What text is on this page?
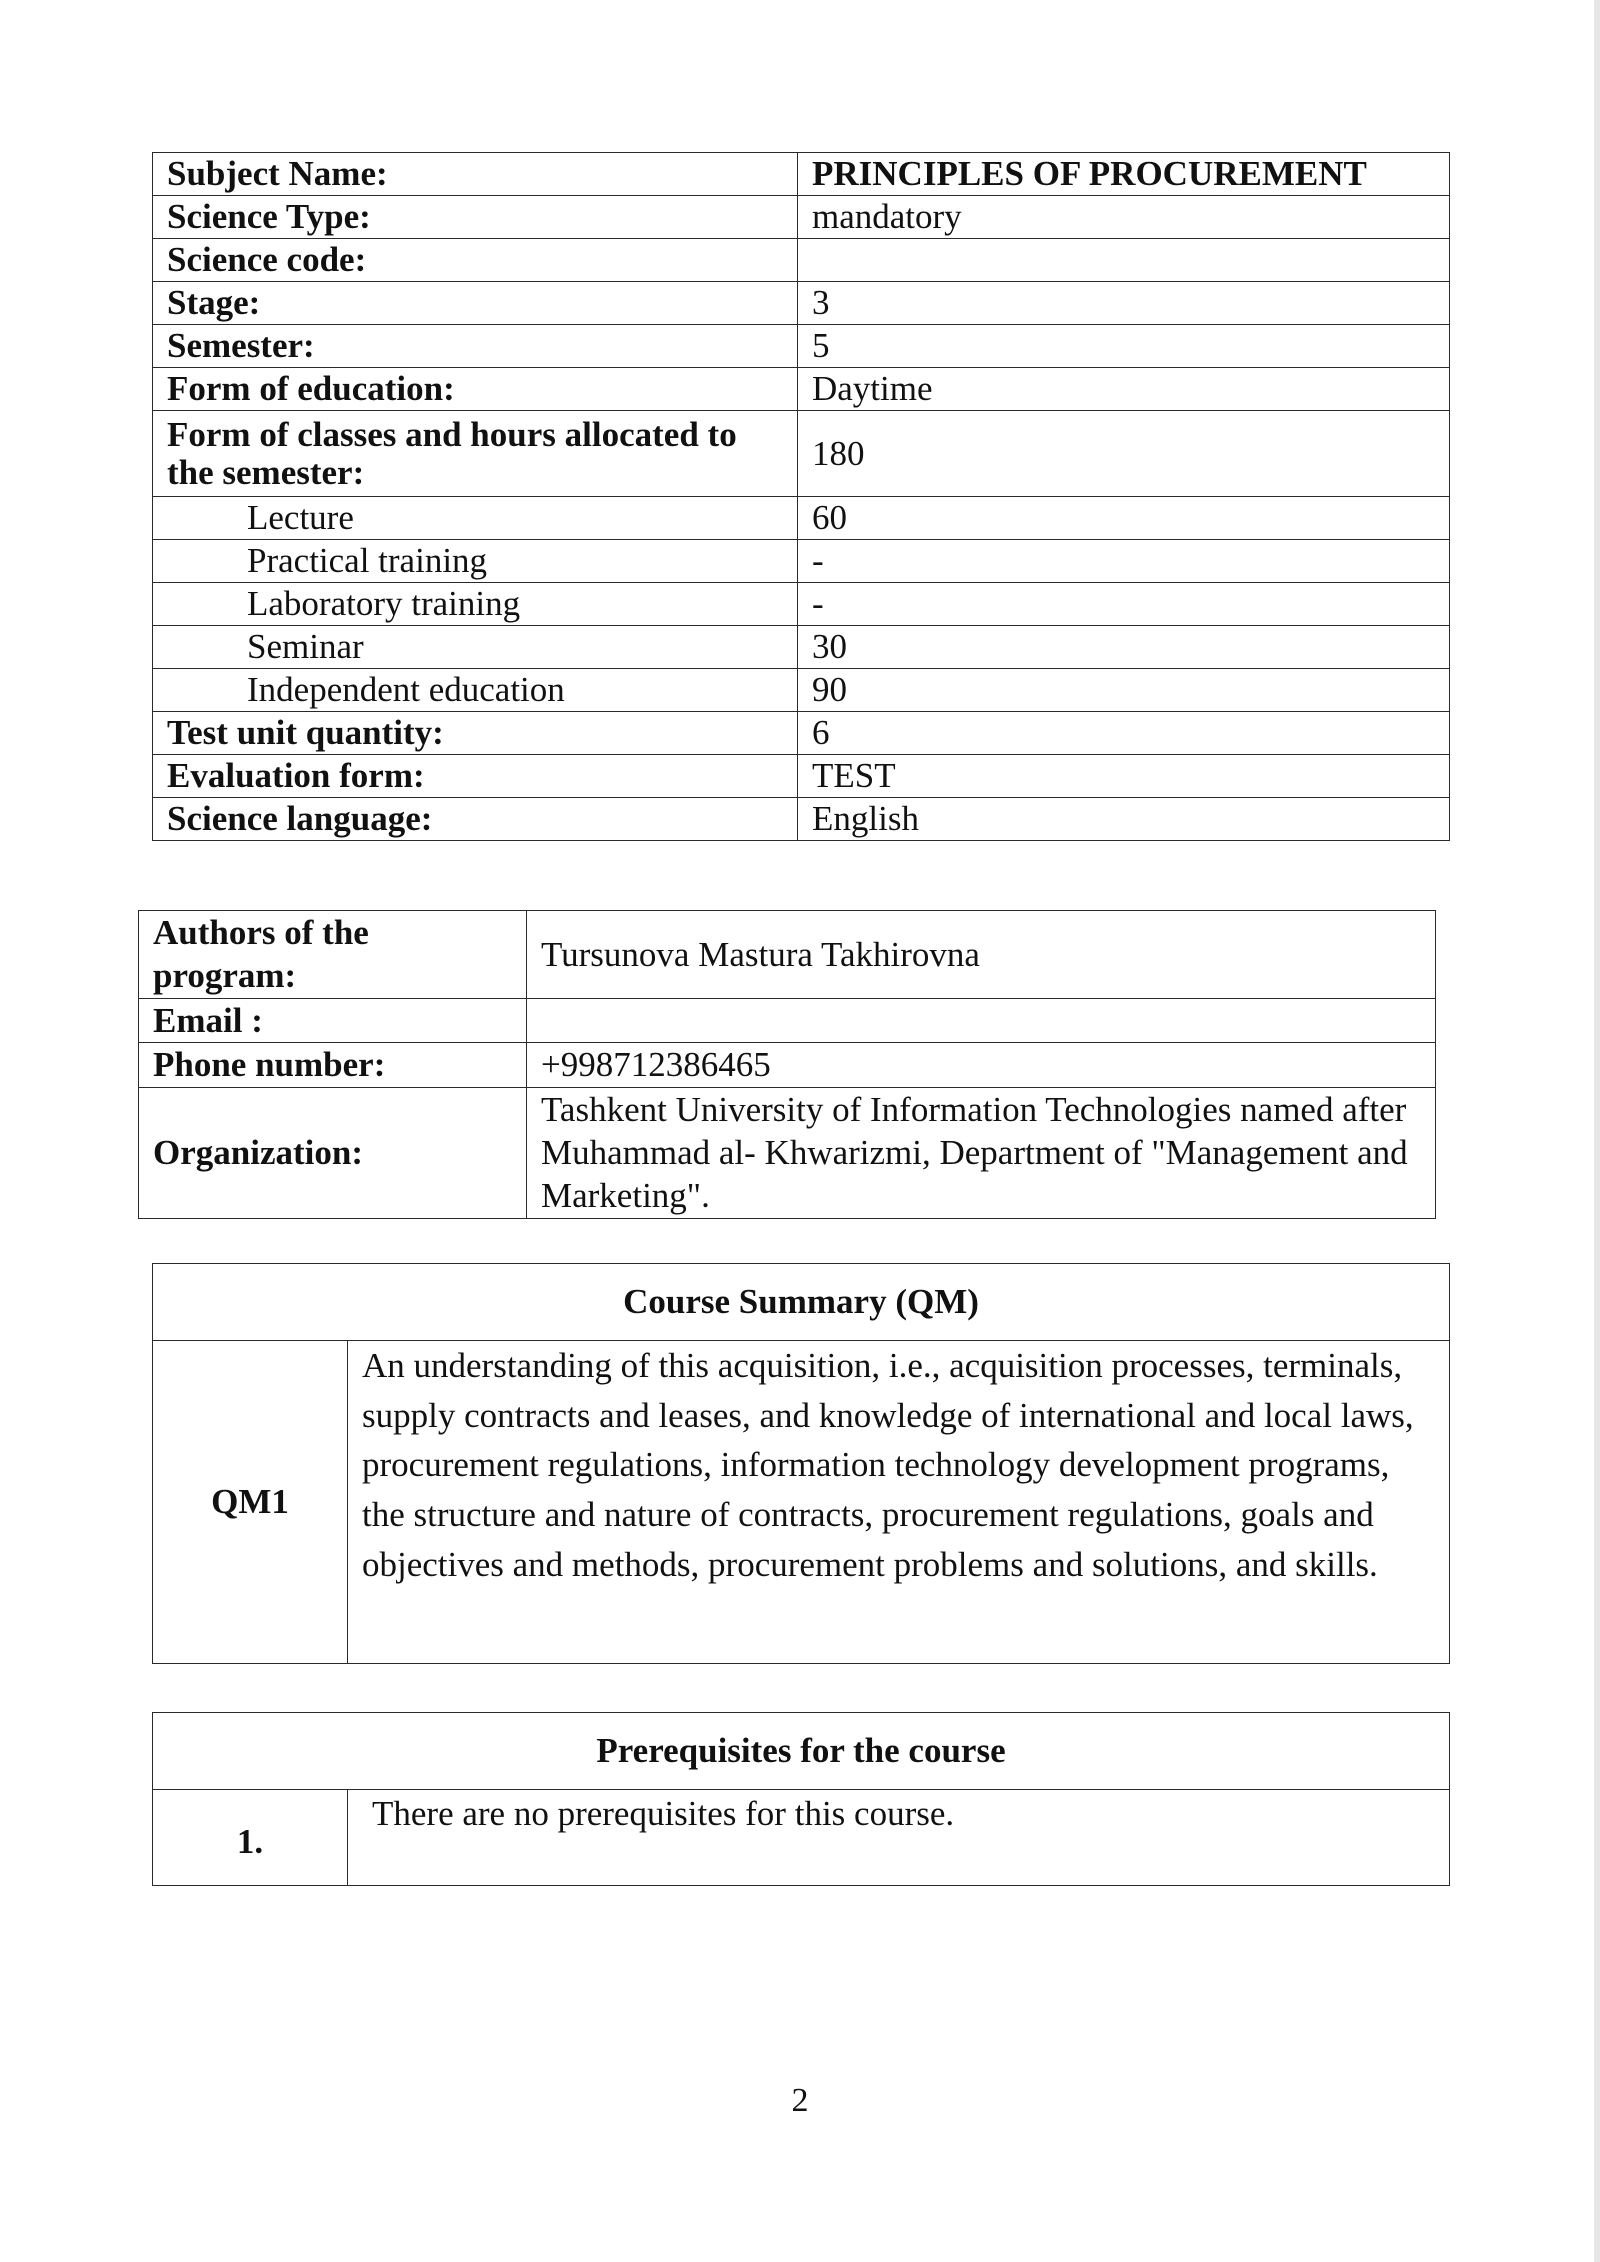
Subject Name:	PRINCIPLES OF PROCUREMENT
Science Type:	mandatory
Science code:	
Stage:	3
Semester:	5
Form of education:	Daytime
Form of classes and hours allocated to the semester:	180
Lecture	60
Practical training	-
Laboratory training	-
Seminar	30
Independent education	90
Test unit quantity:	6
Evaluation form:	TEST
Science language:	English
Authors of the program:	Tursunova Mastura Takhirovna
Email :	
Phone number:	+998712386465
Organization:	Tashkent University of Information Technologies named after Muhammad al- Khwarizmi, Department of "Management and Marketing".
Course Summary (QM)
QM1	An understanding of this acquisition, i.e., acquisition processes, terminals, supply contracts and leases, and knowledge of international and local laws, procurement regulations, information technology development programs, the structure and nature of contracts, procurement regulations, goals and objectives and methods, procurement problems and solutions, and skills.
Prerequisites for the course
1.	There are no prerequisites for this course.
2
